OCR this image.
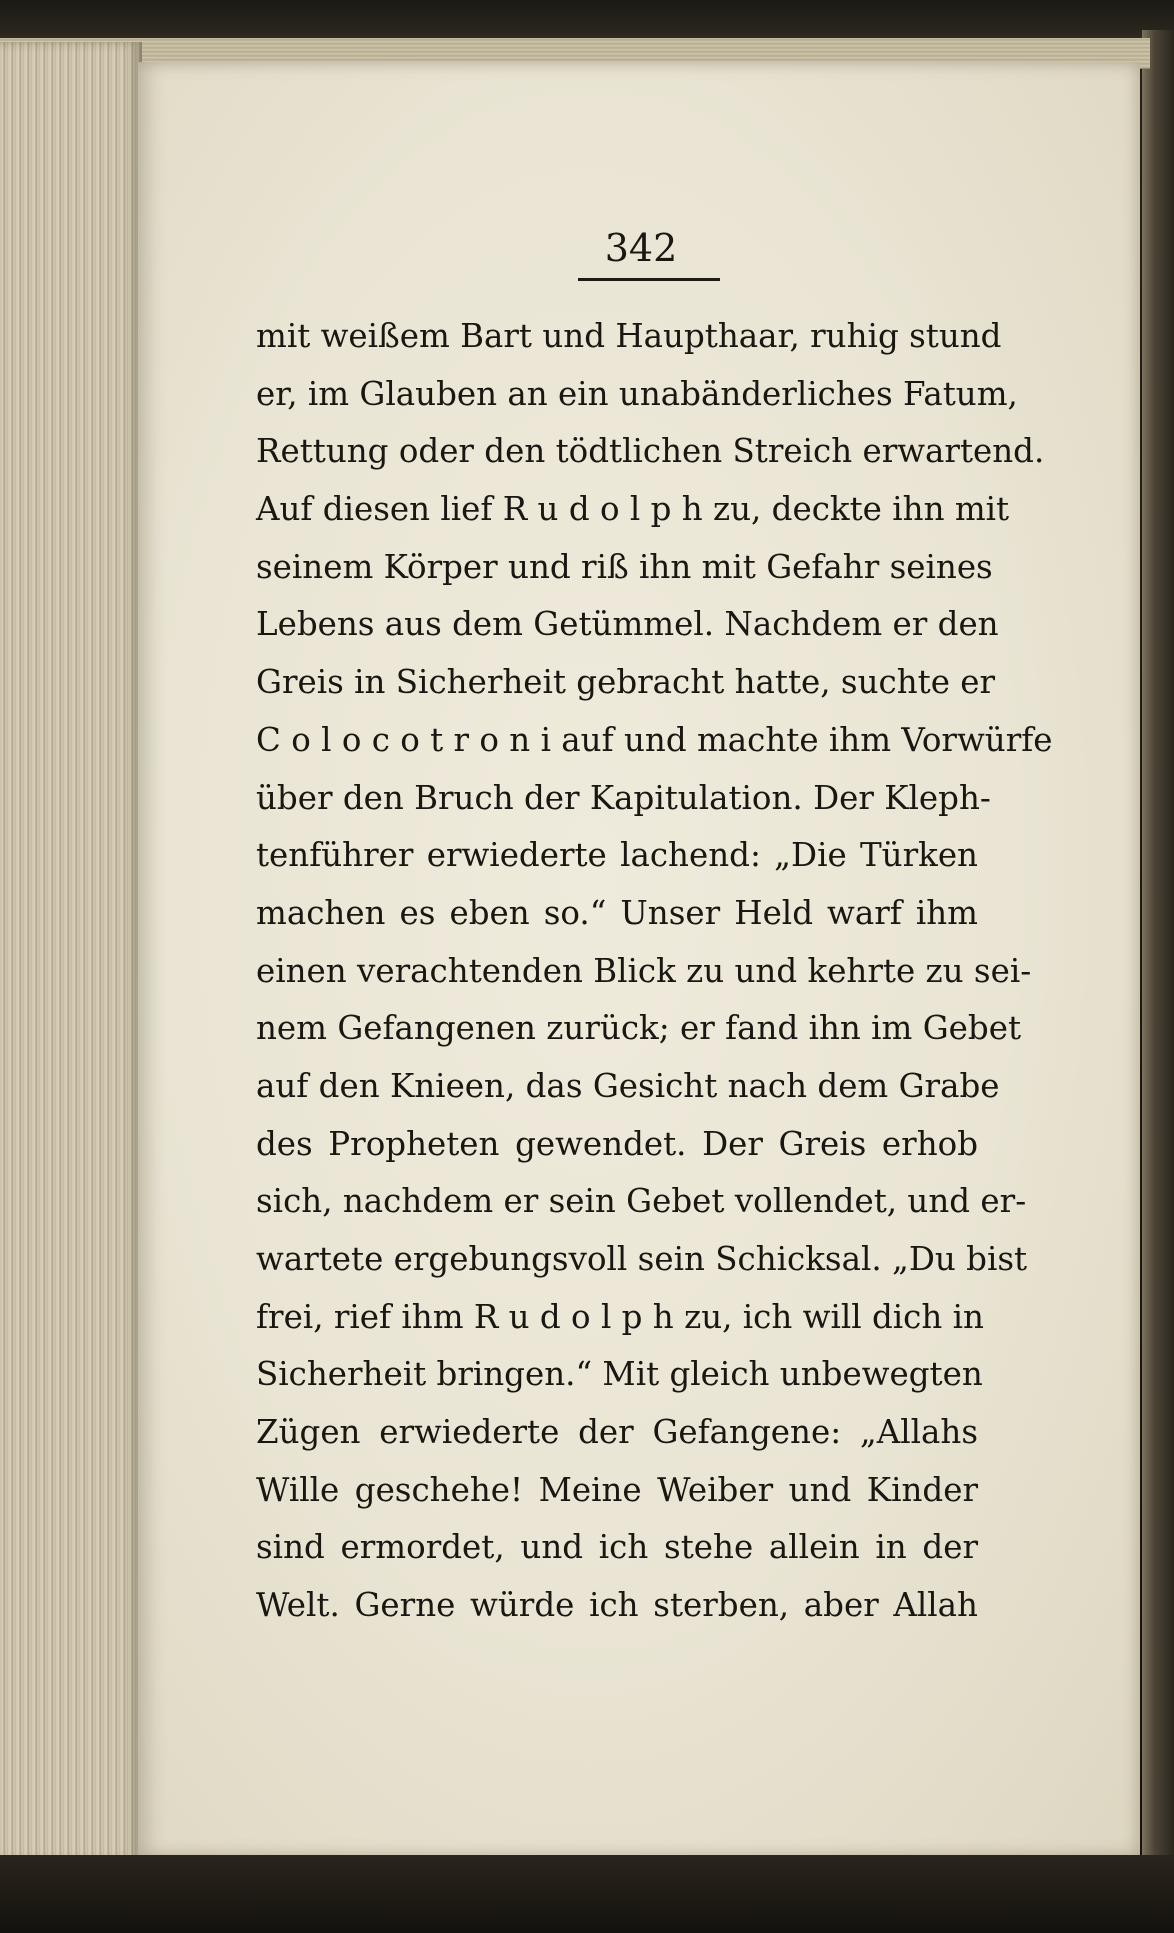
342
mit weißem Bart und Haupthaar, ruhig stund
er, im Glauben an ein unabänderliches Fatum,
Rettung oder den tödtlichen Streich erwartend.
Auf diesen lief R u d o l p h zu, deckte ihn mit
seinem Körper und riß ihn mit Gefahr seines
Lebens aus dem Getümmel. Nachdem er den
Greis in Sicherheit gebracht hatte, suchte er
C o l o c o t r o n i auf und machte ihm Vorwürfe
über den Bruch der Kapitulation. Der Kleph-
tenführer erwiederte lachend: „Die Türken
machen es eben so.“ Unser Held warf ihm
einen verachtenden Blick zu und kehrte zu sei-
nem Gefangenen zurück; er fand ihn im Gebet
auf den Knieen, das Gesicht nach dem Grabe
des Propheten gewendet. Der Greis erhob
sich, nachdem er sein Gebet vollendet, und er-
wartete ergebungsvoll sein Schicksal. „Du bist
frei, rief ihm R u d o l p h zu, ich will dich in
Sicherheit bringen.“ Mit gleich unbewegten
Zügen erwiederte der Gefangene: „Allahs
Wille geschehe! Meine Weiber und Kinder
sind ermordet, und ich stehe allein in der
Welt. Gerne würde ich sterben, aber Allah
